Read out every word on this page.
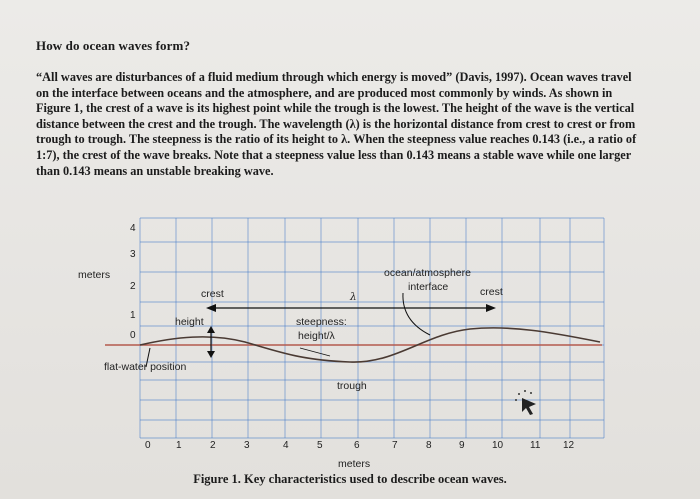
How do ocean waves form?
“All waves are disturbances of a fluid medium through which energy is moved” (Davis, 1997). Ocean waves travel on the interface between oceans and the atmosphere, and are produced most commonly by winds. As shown in Figure 1, the crest of a wave is its highest point while the trough is the lowest. The height of the wave is the vertical distance between the crest and the trough. The wavelength (λ) is the horizontal distance from crest to crest or from trough to trough. The steepness is the ratio of its height to λ. When the steepness value reaches 0.143 (i.e., a ratio of 1:7), the crest of the wave breaks. Note that a steepness value less than 0.143 means a stable wave while one larger than 0.143 means an unstable breaking wave.
meters
meters
4
3
2
1
0
0	1	2	3	4	5	6	7	8	9	10	11 12
crest	crest
λ
ocean/atmosphere
interface
height	steepness:
height/λ
flat-water position
trough
Figure 1. Key characteristics used to describe ocean waves.
